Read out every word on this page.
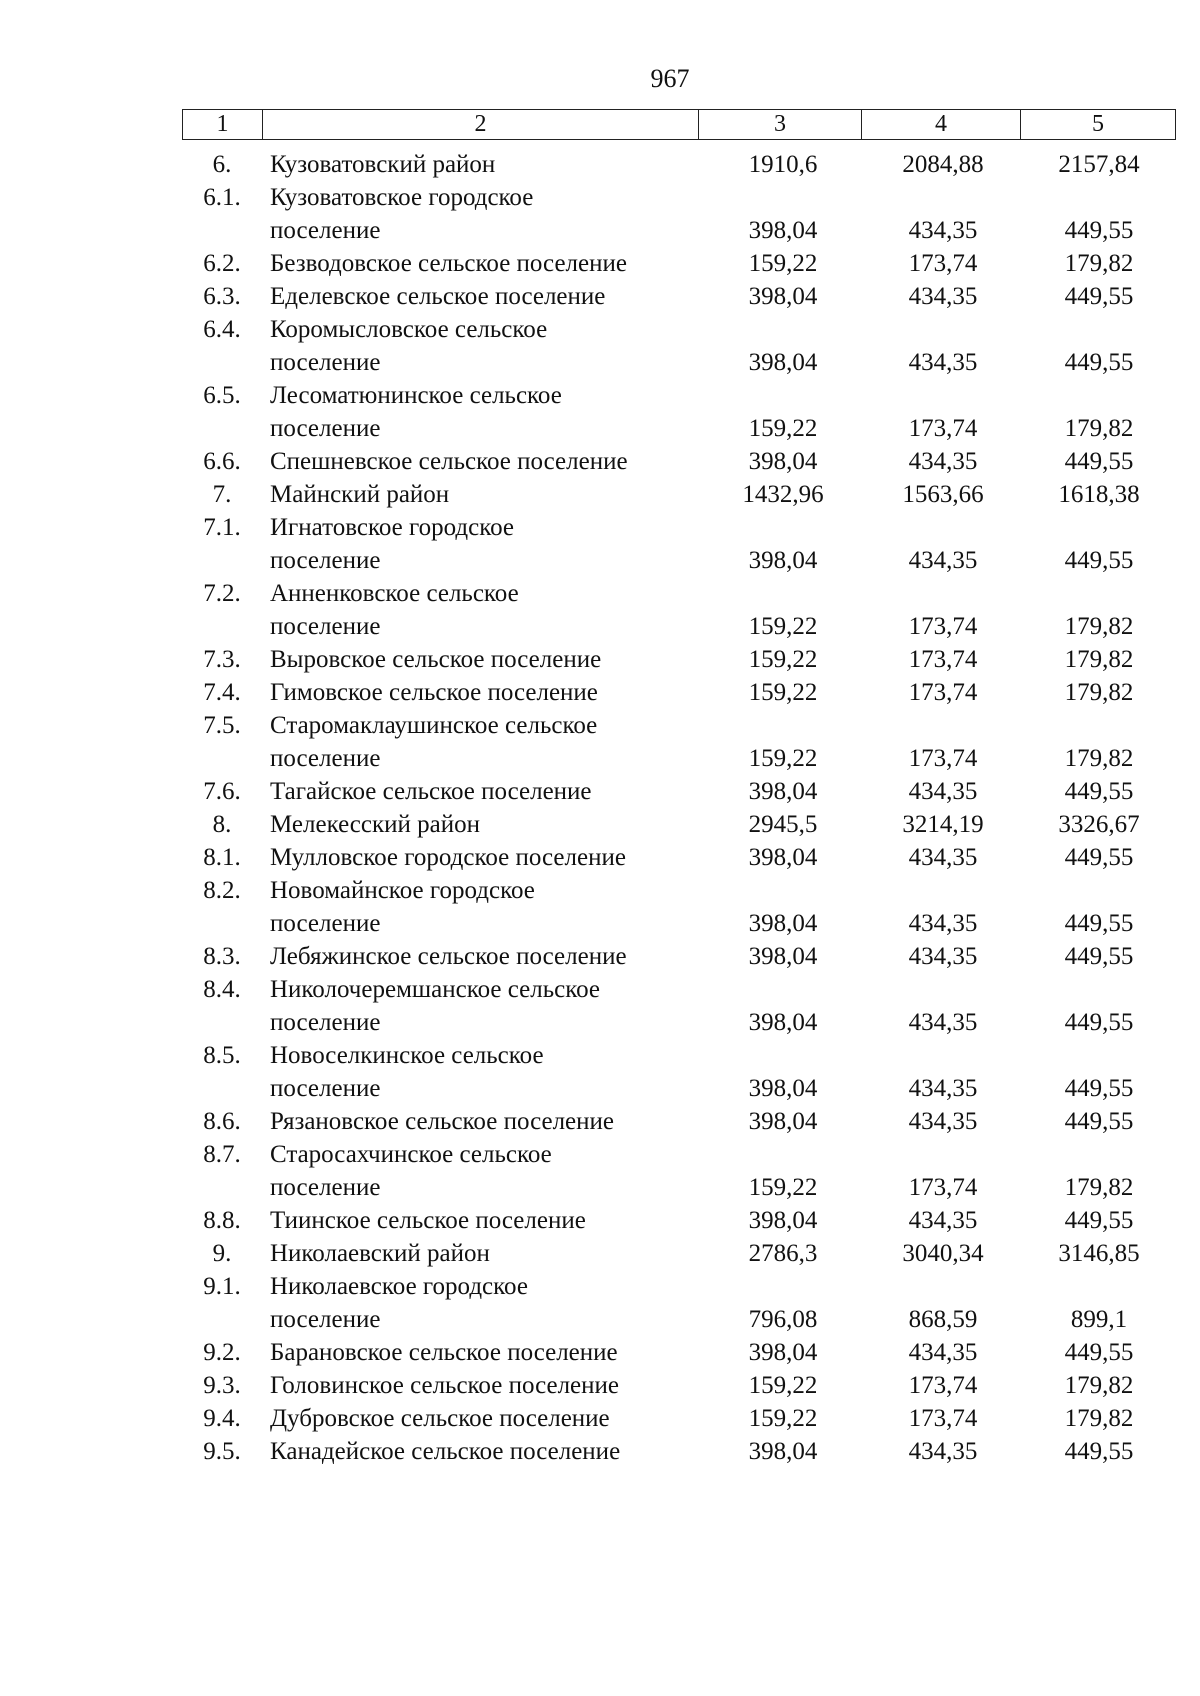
967
1	2	3	4	5
6.	Кузоватовский район	1910,6	2084,88	2157,84
6.1.	Кузоватовское городское
поселение	398,04	434,35	449,55
6.2.	Безводовское сельское поселение	159,22	173,74	179,82
6.3.	Еделевское сельское поселение	398,04	434,35	449,55
6.4.	Коромысловское сельское
поселение	398,04	434,35	449,55
6.5.	Лесоматюнинское сельское
поселение	159,22	173,74	179,82
6.6.	Спешневское сельское поселение	398,04	434,35	449,55
7.	Майнский район	1432,96	1563,66	1618,38
7.1.	Игнатовское городское
поселение	398,04	434,35	449,55
7.2.	Анненковское сельское
поселение	159,22	173,74	179,82
7.3.	Выровское сельское поселение	159,22	173,74	179,82
7.4.	Гимовское сельское поселение	159,22	173,74	179,82
7.5.	Старомаклаушинское сельское
поселение	159,22	173,74	179,82
7.6.	Тагайское сельское поселение	398,04	434,35	449,55
8.	Мелекесский район	2945,5	3214,19	3326,67
8.1.	Мулловское городское поселение	398,04	434,35	449,55
8.2.	Новомайнское городское
поселение	398,04	434,35	449,55
8.3.	Лебяжинское сельское поселение	398,04	434,35	449,55
8.4.	Николочеремшанское сельское
поселение	398,04	434,35	449,55
8.5.	Новоселкинское сельское
поселение	398,04	434,35	449,55
8.6.	Рязановское сельское поселение	398,04	434,35	449,55
8.7.	Старосахчинское сельское
поселение	159,22	173,74	179,82
8.8.	Тиинское сельское поселение	398,04	434,35	449,55
9.	Николаевский район	2786,3	3040,34	3146,85
9.1.	Николаевское городское
поселение	796,08	868,59	899,1
9.2.	Барановское сельское поселение	398,04	434,35	449,55
9.3.	Головинское сельское поселение	159,22	173,74	179,82
9.4.	Дубровское сельское поселение	159,22	173,74	179,82
9.5.	Канадейское сельское поселение	398,04	434,35	449,55
